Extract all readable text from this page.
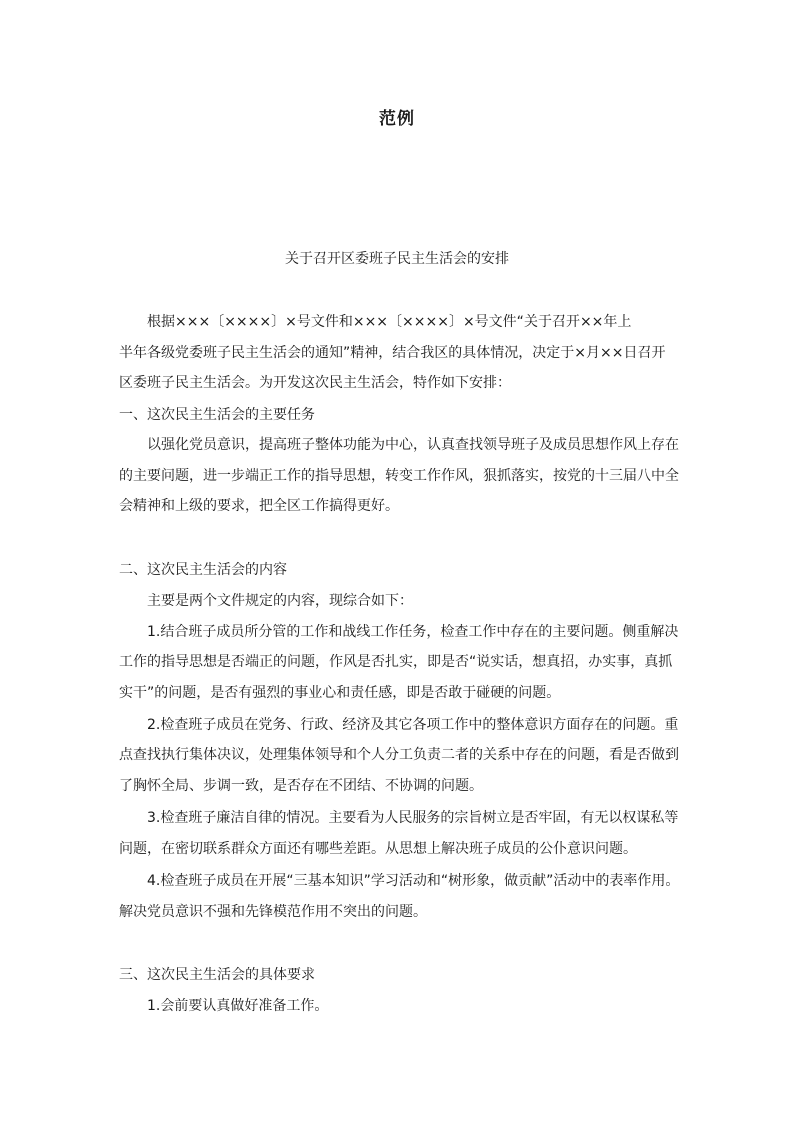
范例
关于召开区委班子民主生活会的安排
根据×××〔××××〕×号文件和×××〔××××〕×号文件“关于召开××年上
半年各级党委班子民主生活会的通知”精神，结合我区的具体情况，决定于×月××日召开
区委班子民主生活会。为开发这次民主生活会，特作如下安排：
一、这次民主生活会的主要任务
以强化党员意识，提高班子整体功能为中心，认真查找领导班子及成员思想作风上存在
的主要问题，进一步端正工作的指导思想，转变工作作风，狠抓落实，按党的十三届八中全
会精神和上级的要求，把全区工作搞得更好。
二、这次民主生活会的内容
主要是两个文件规定的内容，现综合如下：
1.结合班子成员所分管的工作和战线工作任务，检查工作中存在的主要问题。侧重解决
工作的指导思想是否端正的问题，作风是否扎实，即是否“说实话，想真招，办实事，真抓
实干”的问题，是否有强烈的事业心和责任感，即是否敢于碰硬的问题。
2.检查班子成员在党务、行政、经济及其它各项工作中的整体意识方面存在的问题。重
点查找执行集体决议，处理集体领导和个人分工负责二者的关系中存在的问题，看是否做到
了胸怀全局、步调一致，是否存在不团结、不协调的问题。
3.检查班子廉洁自律的情况。主要看为人民服务的宗旨树立是否牢固，有无以权谋私等
问题，在密切联系群众方面还有哪些差距。从思想上解决班子成员的公仆意识问题。
4.检查班子成员在开展“三基本知识”学习活动和“树形象，做贡献”活动中的表率作用。
解决党员意识不强和先锋模范作用不突出的问题。
三、这次民主生活会的具体要求
1.会前要认真做好准备工作。
